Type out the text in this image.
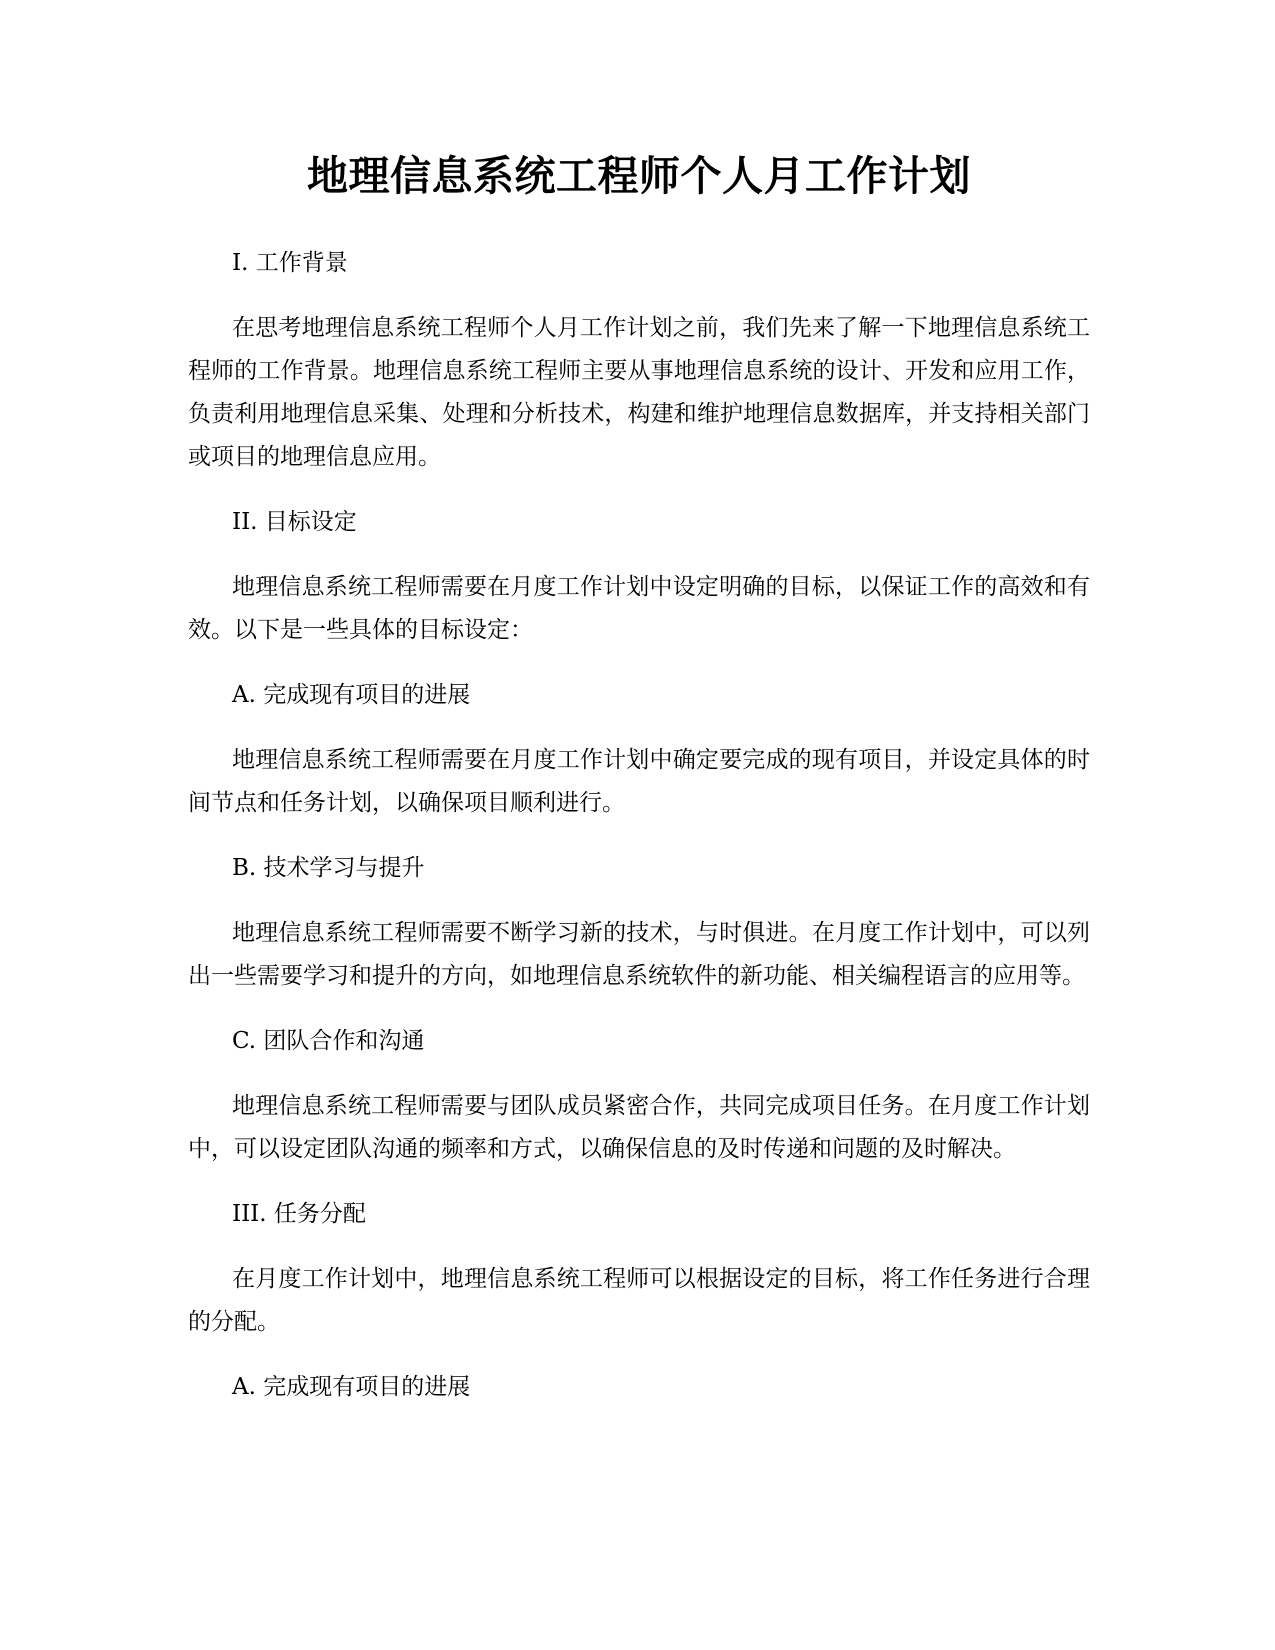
地理信息系统工程师个人月工作计划

I. 工作背景

在思考地理信息系统工程师个人月工作计划之前，我们先来了解一下地理信息系统工程师的工作背景。地理信息系统工程师主要从事地理信息系统的设计、开发和应用工作，负责利用地理信息采集、处理和分析技术，构建和维护地理信息数据库，并支持相关部门或项目的地理信息应用。

II. 目标设定

地理信息系统工程师需要在月度工作计划中设定明确的目标，以保证工作的高效和有效。以下是一些具体的目标设定：

A. 完成现有项目的进展

地理信息系统工程师需要在月度工作计划中确定要完成的现有项目，并设定具体的时间节点和任务计划，以确保项目顺利进行。

B. 技术学习与提升

地理信息系统工程师需要不断学习新的技术，与时俱进。在月度工作计划中，可以列出一些需要学习和提升的方向，如地理信息系统软件的新功能、相关编程语言的应用等。

C. 团队合作和沟通

地理信息系统工程师需要与团队成员紧密合作，共同完成项目任务。在月度工作计划中，可以设定团队沟通的频率和方式，以确保信息的及时传递和问题的及时解决。

III. 任务分配

在月度工作计划中，地理信息系统工程师可以根据设定的目标，将工作任务进行合理的分配。

A. 完成现有项目的进展
